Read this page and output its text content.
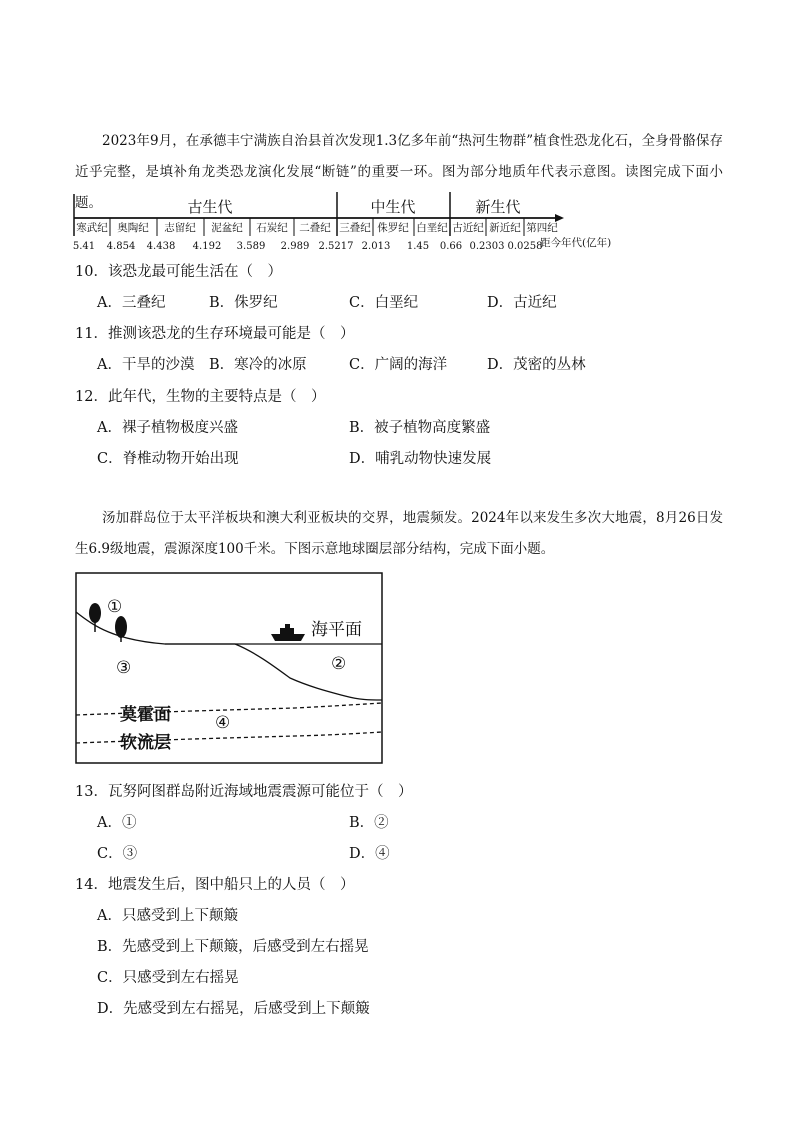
2023年9月，在承德丰宁满族自治县首次发现1.3亿多年前“热河生物群”植食性恐龙化石，全身骨骼保存近乎完整，是填补角龙类恐龙演化发展“断链”的重要一环。图为部分地质年代表示意图。读图完成下面小题。	古生代	中生代	新生代
寒武纪 奥陶纪 志留纪 泥盆纪 石炭纪 二叠纪 三叠纪 侏罗纪 白垩纪 古近纪 新近纪 第四纪
5.41 4.854 4.438 4.192 3.589 2.989 2.5217 2.013 1.45 0.66 0.2303 0.0258
距今年代(亿年)
10．该恐龙最可能生活在（　）
A．三叠纪	B．侏罗纪	C．白垩纪	D．古近纪
11．推测该恐龙的生存环境最可能是（　）
A．干旱的沙漠 B．寒冷的冰原	C．广阔的海洋	D．茂密的丛林
12．此年代，生物的主要特点是（　）
A．裸子植物极度兴盛	B．被子植物高度繁盛
C．脊椎动物开始出现	D．哺乳动物快速发展
汤加群岛位于太平洋板块和澳大利亚板块的交界，地震频发。2024年以来发生多次大地震，8月26日发生6.9级地震，震源深度100千米。下图示意地球圈层部分结构，完成下面小题。
海平面
莫霍面
软流层
①
②
③
④
13．瓦努阿图群岛附近海域地震震源可能位于（　）
A．①	B．②
C．③	D．④
14．地震发生后，图中船只上的人员（　）
A．只感受到上下颠簸
B．先感受到上下颠簸，后感受到左右摇晃
C．只感受到左右摇晃
D．先感受到左右摇晃，后感受到上下颠簸
